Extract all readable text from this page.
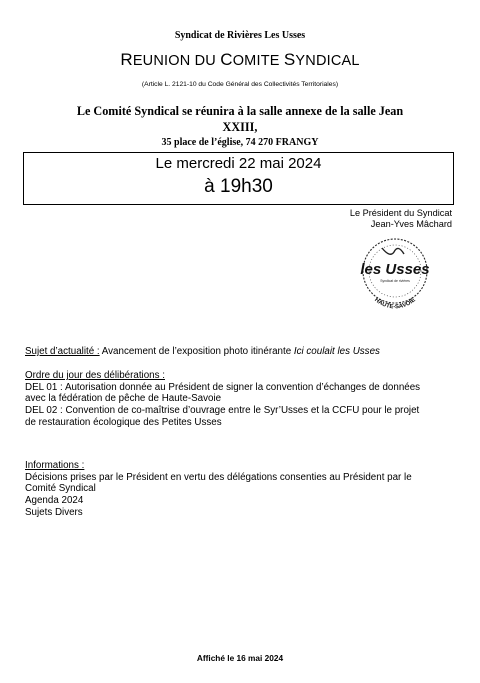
Syndicat de Rivières Les Usses
REUNION DU COMITE SYNDICAL
(Article L. 2121-10 du Code Général des Collectivités Territoriales)
Le Comité Syndical se réunira à la salle annexe de la salle Jean
XXIII,
35 place de l’église, 74 270 FRANGY
Le mercredi 22 mai 2024
à 19h30
Le Président du Syndicat
Jean-Yves Mâchard
les Usses
Syndicat de rivières
HAUTE-SAVOIE
Sujet d’actualité : Avancement de l’exposition photo itinérante Ici coulait les Usses
Ordre du jour des délibérations :
DEL 01 : Autorisation donnée au Président de signer la convention d’échanges de données
avec la fédération de pêche de Haute-Savoie
DEL 02 : Convention de co-maîtrise d’ouvrage entre le Syr’Usses et la CCFU pour le projet
de restauration écologique des Petites Usses
Informations :
Décisions prises par le Président en vertu des délégations consenties au Président par le
Comité Syndical
Agenda 2024
Sujets Divers
Affiché le 16 mai 2024
